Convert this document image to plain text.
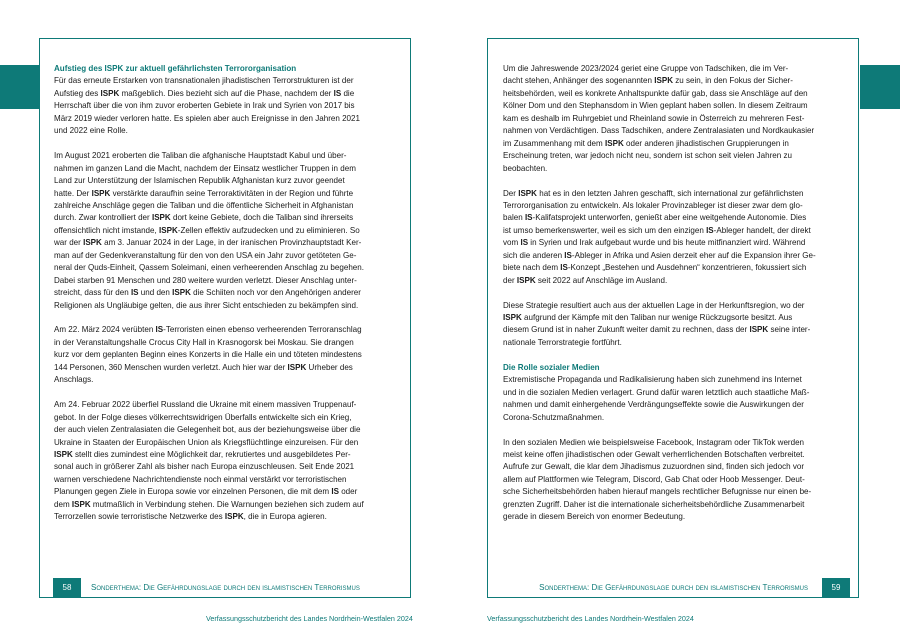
Aufstieg des ISPK zur aktuell gefährlichsten Terrororganisation

Für das erneute Erstarken von transnationalen jihadistischen Terrorstrukturen ist der
Aufstieg des ISPK maßgeblich. Dies bezieht sich auf die Phase, nachdem der IS die
Herrschaft über die von ihm zuvor eroberten Gebiete in Irak und Syrien von 2017 bis
März 2019 wieder verloren hatte. Es spielen aber auch Ereignisse in den Jahren 2021
und 2022 eine Rolle.

Im August 2021 eroberten die Taliban die afghanische Hauptstadt Kabul und über-
nahmen im ganzen Land die Macht, nachdem der Einsatz westlicher Truppen in dem
Land zur Unterstützung der Islamischen Republik Afghanistan kurz zuvor geendet
hatte. Der ISPK verstärkte daraufhin seine Terroraktivitäten in der Region und führte
zahlreiche Anschläge gegen die Taliban und die öffentliche Sicherheit in Afghanistan
durch. Zwar kontrolliert der ISPK dort keine Gebiete, doch die Taliban sind ihrerseits
offensichtlich nicht imstande, ISPK-Zellen effektiv aufzudecken und zu eliminieren. So
war der ISPK am 3. Januar 2024 in der Lage, in der iranischen Provinzhauptstadt Ker-
man auf der Gedenkveranstaltung für den von den USA ein Jahr zuvor getöteten Ge-
neral der Quds-Einheit, Qassem Soleimani, einen verheerenden Anschlag zu begehen.
Dabei starben 91 Menschen und 280 weitere wurden verletzt. Dieser Anschlag unter-
streicht, dass für den IS und den ISPK die Schiiten noch vor den Angehörigen anderer
Religionen als Ungläubige gelten, die aus ihrer Sicht entschieden zu bekämpfen sind.

Am 22. März 2024 verübten IS-Terroristen einen ebenso verheerenden Terroranschlag
in der Veranstaltungshalle Crocus City Hall in Krasnogorsk bei Moskau. Sie drangen
kurz vor dem geplanten Beginn eines Konzerts in die Halle ein und töteten mindestens
144 Personen, 360 Menschen wurden verletzt. Auch hier war der ISPK Urheber des
Anschlags.

Am 24. Februar 2022 überfiel Russland die Ukraine mit einem massiven Truppenauf-
gebot. In der Folge dieses völkerrechtswidrigen Überfalls entwickelte sich ein Krieg,
der auch vielen Zentralasiaten die Gelegenheit bot, aus der beziehungsweise über die
Ukraine in Staaten der Europäischen Union als Kriegsflüchtlinge einzureisen. Für den
ISPK stellt dies zumindest eine Möglichkeit dar, rekrutiertes und ausgebildetes Per-
sonal auch in größerer Zahl als bisher nach Europa einzuschleusen. Seit Ende 2021
warnen verschiedene Nachrichtendienste noch einmal verstärkt vor terroristischen
Planungen gegen Ziele in Europa sowie vor einzelnen Personen, die mit dem IS oder
dem ISPK mutmaßlich in Verbindung stehen. Die Warnungen beziehen sich zudem auf
Terrorzellen sowie terroristische Netzwerke des ISPK, die in Europa agieren.

Um die Jahreswende 2023/2024 geriet eine Gruppe von Tadschiken, die im Ver-
dacht stehen, Anhänger des sogenannten ISPK zu sein, in den Fokus der Sicher-
heitsbehörden, weil es konkrete Anhaltspunkte dafür gab, dass sie Anschläge auf den
Kölner Dom und den Stephansdom in Wien geplant haben sollen. In diesem Zeitraum
kam es deshalb im Ruhrgebiet und Rheinland sowie in Österreich zu mehreren Fest-
nahmen von Verdächtigen. Dass Tadschiken, andere Zentralasiaten und Nordkaukasier
im Zusammenhang mit dem ISPK oder anderen jihadistischen Gruppierungen in
Erscheinung treten, war jedoch nicht neu, sondern ist schon seit vielen Jahren zu
beobachten.

Der ISPK hat es in den letzten Jahren geschafft, sich international zur gefährlichsten
Terrororganisation zu entwickeln. Als lokaler Provinzableger ist dieser zwar dem glo-
balen IS-Kalifatsprojekt unterworfen, genießt aber eine weitgehende Autonomie. Dies
ist umso bemerkenswerter, weil es sich um den einzigen IS-Ableger handelt, der direkt
vom IS in Syrien und Irak aufgebaut wurde und bis heute mitfinanziert wird. Während
sich die anderen IS-Ableger in Afrika und Asien derzeit eher auf die Expansion ihrer Ge-
biete nach dem IS-Konzept „Bestehen und Ausdehnen“ konzentrieren, fokussiert sich
der ISPK seit 2022 auf Anschläge im Ausland.

Diese Strategie resultiert auch aus der aktuellen Lage in der Herkunftsregion, wo der
ISPK aufgrund der Kämpfe mit den Taliban nur wenige Rückzugsorte besitzt. Aus
diesem Grund ist in naher Zukunft weiter damit zu rechnen, dass der ISPK seine inter-
nationale Terrorstrategie fortführt.

Die Rolle sozialer Medien

Extremistische Propaganda und Radikalisierung haben sich zunehmend ins Internet
und in die sozialen Medien verlagert. Grund dafür waren letztlich auch staatliche Maß-
nahmen und damit einhergehende Verdrängungseffekte sowie die Auswirkungen der
Corona-Schutzmaßnahmen.

In den sozialen Medien wie beispielsweise Facebook, Instagram oder TikTok werden
meist keine offen jihadistischen oder Gewalt verherrlichenden Botschaften verbreitet.
Aufrufe zur Gewalt, die klar dem Jihadismus zuzuordnen sind, finden sich jedoch vor
allem auf Plattformen wie Telegram, Discord, Gab Chat oder Hoob Messenger. Deut-
sche Sicherheitsbehörden haben hierauf mangels rechtlicher Befugnisse nur einen be-
grenzten Zugriff. Daher ist die internationale sicherheitsbehördliche Zusammenarbeit
gerade in diesem Bereich von enormer Bedeutung.

58	Sonderthema: Die Gefährdungslage durch den islamistischen Terrorismus	Sonderthema: Die Gefährdungslage durch den islamistischen Terrorismus	59
Verfassungsschutzbericht des Landes Nordrhein-Westfalen 2024	Verfassungsschutzbericht des Landes Nordrhein-Westfalen 2024
